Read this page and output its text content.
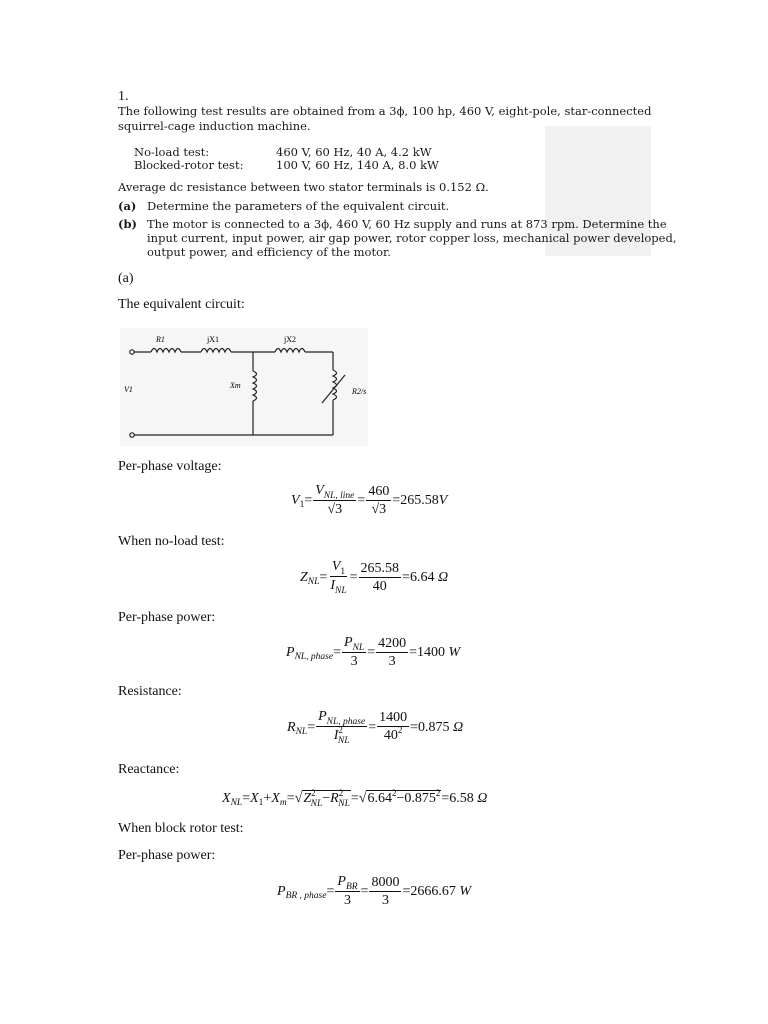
1.
The following test results are obtained from a 3ϕ, 100 hp, 460 V, eight-pole, star-connected
squirrel-cage induction machine.
No-load test:	460 V, 60 Hz, 40 A, 4.2 kW
Blocked-rotor test:	100 V, 60 Hz, 140 A, 8.0 kW
Average dc resistance between two stator terminals is 0.152 Ω.
(a) Determine the parameters of the equivalent circuit.
(b) The motor is connected to a 3ϕ, 460 V, 60 Hz supply and runs at 873 rpm. Determine the
input current, input power, air gap power, rotor copper loss, mechanical power developed,
output power, and efficiency of the motor.
(a)
The equivalent circuit:
R1	jX1	jX2
V1	Xm
R2/s
Per-phase voltage:
V $1 = \frac{V_{NL, line}}{√3} = \frac{460}{√3} = 265.58$ V
When no-load test:
Z NL = $\frac{V_1}{I_{NL}} = \frac{265.58}{40} = 6.64$ Ω
Per-phase power:
P NL, phase = $\frac{P_{NL}}{3} = \frac{4200}{3} = 1400$ W
Resistance:
R NL = $\frac{P_{NL, phase}}{I^2_{NL}} = \frac{1400}{40^2} = 0.875$ Ω
Reactance:
X NL = X 1 + X m =√ $Z^2_{NL}-R^2_{NL}$ =√ $6.64^2-0.875^2 = 6.58$ Ω
When block rotor test:
Per-phase power:
P BR , phase = $\frac{P_{BR}}{3} = \frac{8000}{3} = 2666.67$ W
